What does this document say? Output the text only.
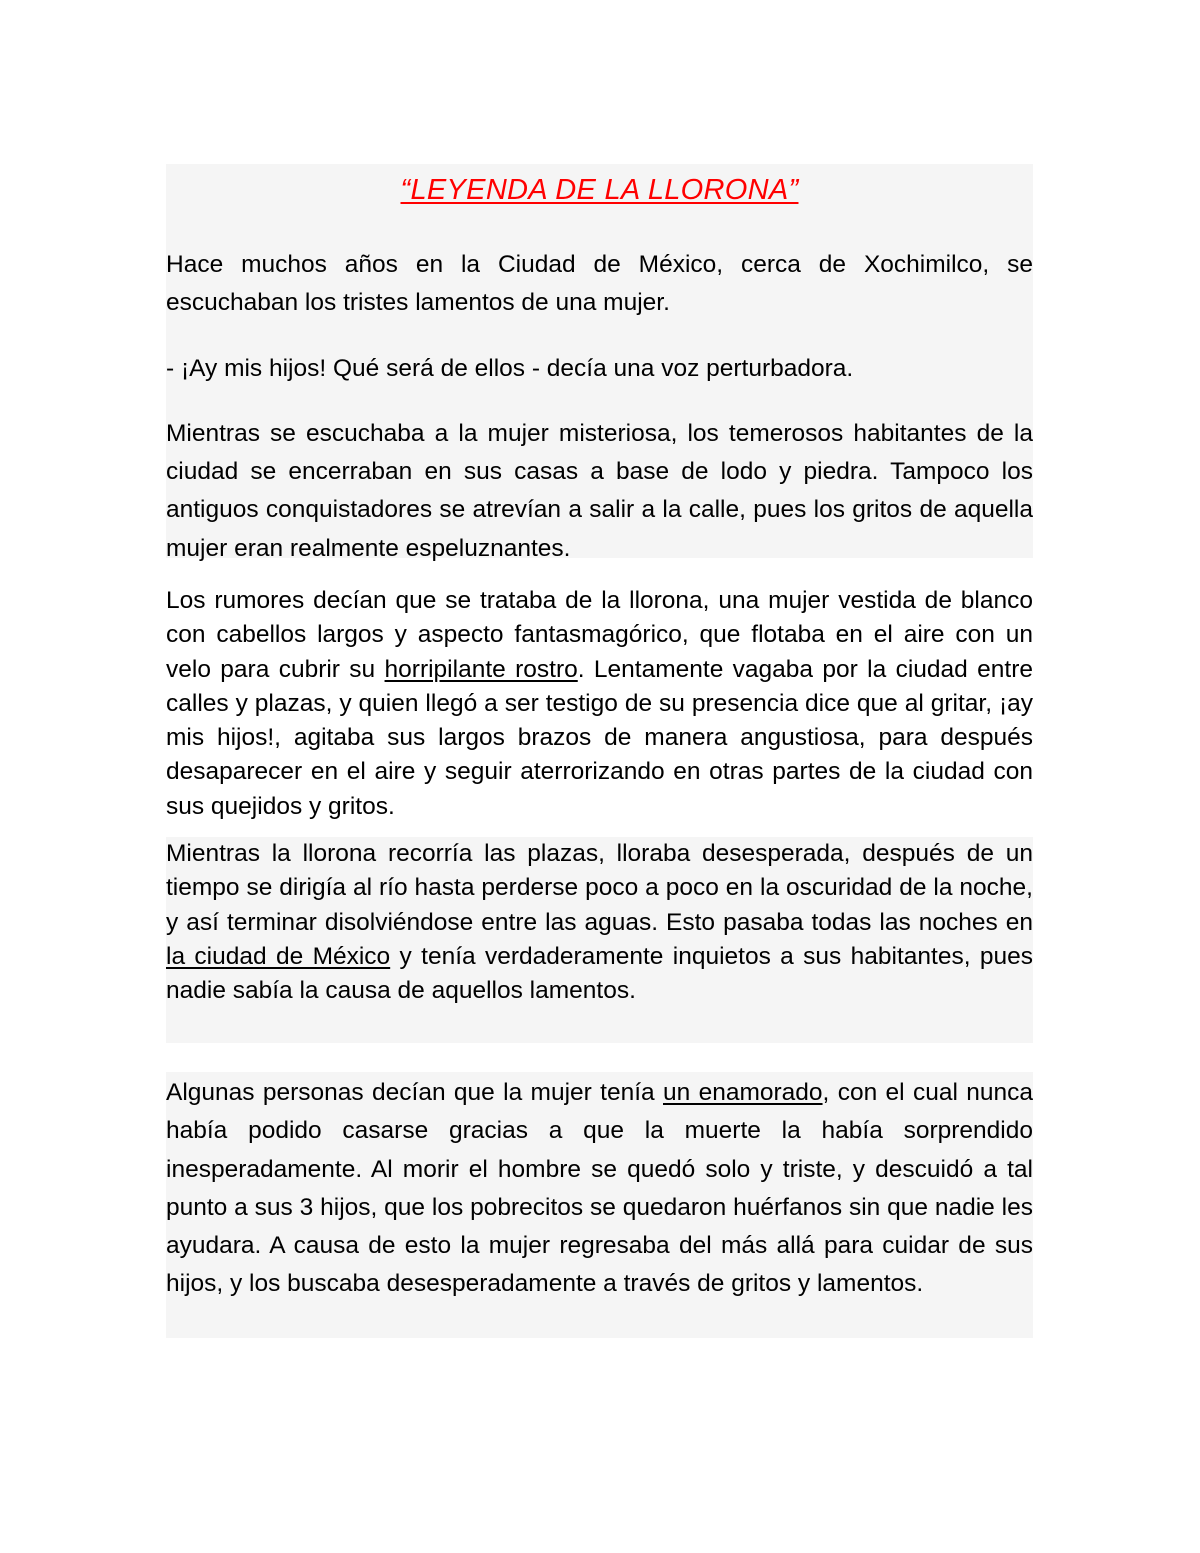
“LEYENDA DE LA LLORONA”

Hace muchos años en la Ciudad de México, cerca de Xochimilco, se escuchaban los tristes lamentos de una mujer.

- ¡Ay mis hijos! Qué será de ellos - decía una voz perturbadora.

Mientras se escuchaba a la mujer misteriosa, los temerosos habitantes de la ciudad se encerraban en sus casas a base de lodo y piedra. Tampoco los antiguos conquistadores se atrevían a salir a la calle, pues los gritos de aquella mujer eran realmente espeluznantes.

Los rumores decían que se trataba de la llorona, una mujer vestida de blanco con cabellos largos y aspecto fantasmagórico, que flotaba en el aire con un velo para cubrir su horripilante rostro. Lentamente vagaba por la ciudad entre calles y plazas, y quien llegó a ser testigo de su presencia dice que al gritar, ¡ay mis hijos!, agitaba sus largos brazos de manera angustiosa, para después desaparecer en el aire y seguir aterrorizando en otras partes de la ciudad con sus quejidos y gritos.

Mientras la llorona recorría las plazas, lloraba desesperada, después de un tiempo se dirigía al río hasta perderse poco a poco en la oscuridad de la noche, y así terminar disolviéndose entre las aguas. Esto pasaba todas las noches en la ciudad de México y tenía verdaderamente inquietos a sus habitantes, pues nadie sabía la causa de aquellos lamentos.

Algunas personas decían que la mujer tenía un enamorado, con el cual nunca había podido casarse gracias a que la muerte la había sorprendido inesperadamente. Al morir el hombre se quedó solo y triste, y descuidó a tal punto a sus 3 hijos, que los pobrecitos se quedaron huérfanos sin que nadie les ayudara. A causa de esto la mujer regresaba del más allá para cuidar de sus hijos, y los buscaba desesperadamente a través de gritos y lamentos.
